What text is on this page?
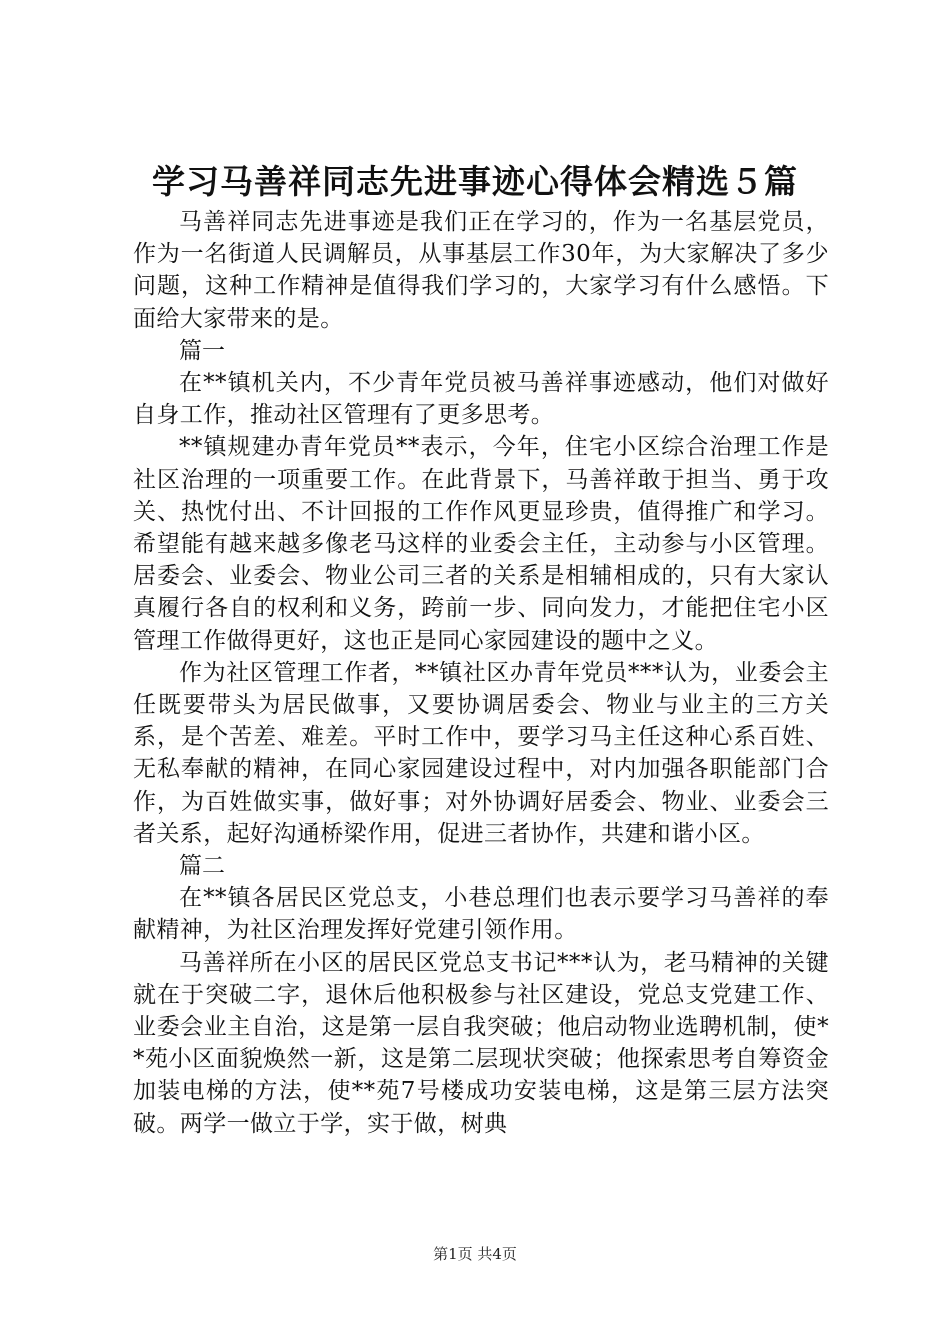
学习马善祥同志先进事迹心得体会精选５篇

马善祥同志先进事迹是我们正在学习的，作为一名基层党员，作为一名街道人民调解员，从事基层工作30年，为大家解决了多少问题，这种工作精神是值得我们学习的，大家学习有什么感悟。下面给大家带来的是。

篇一

在**镇机关内，不少青年党员被马善祥事迹感动，他们对做好自身工作，推动社区管理有了更多思考。

**镇规建办青年党员**表示，今年，住宅小区综合治理工作是社区治理的一项重要工作。在此背景下，马善祥敢于担当、勇于攻关、热忱付出、不计回报的工作作风更显珍贵，值得推广和学习。希望能有越来越多像老马这样的业委会主任，主动参与小区管理。居委会、业委会、物业公司三者的关系是相辅相成的，只有大家认真履行各自的权利和义务，跨前一步、同向发力，才能把住宅小区管理工作做得更好，这也正是同心家园建设的题中之义。

作为社区管理工作者，**镇社区办青年党员***认为，业委会主任既要带头为居民做事，又要协调居委会、物业与业主的三方关系，是个苦差、难差。平时工作中，要学习马主任这种心系百姓、无私奉献的精神，在同心家园建设过程中，对内加强各职能部门合作，为百姓做实事，做好事；对外协调好居委会、物业、业委会三者关系，起好沟通桥梁作用，促进三者协作，共建和谐小区。

篇二

在**镇各居民区党总支，小巷总理们也表示要学习马善祥的奉献精神，为社区治理发挥好党建引领作用。

马善祥所在小区的居民区党总支书记***认为，老马精神的关键就在于突破二字，退休后他积极参与社区建设，党总支党建工作、业委会业主自治，这是第一层自我突破；他启动物业选聘机制，使**苑小区面貌焕然一新，这是第二层现状突破；他探索思考自筹资金加装电梯的方法，使**苑7号楼成功安装电梯，这是第三层方法突破。两学一做立于学，实于做，树典

第1页 共4页
